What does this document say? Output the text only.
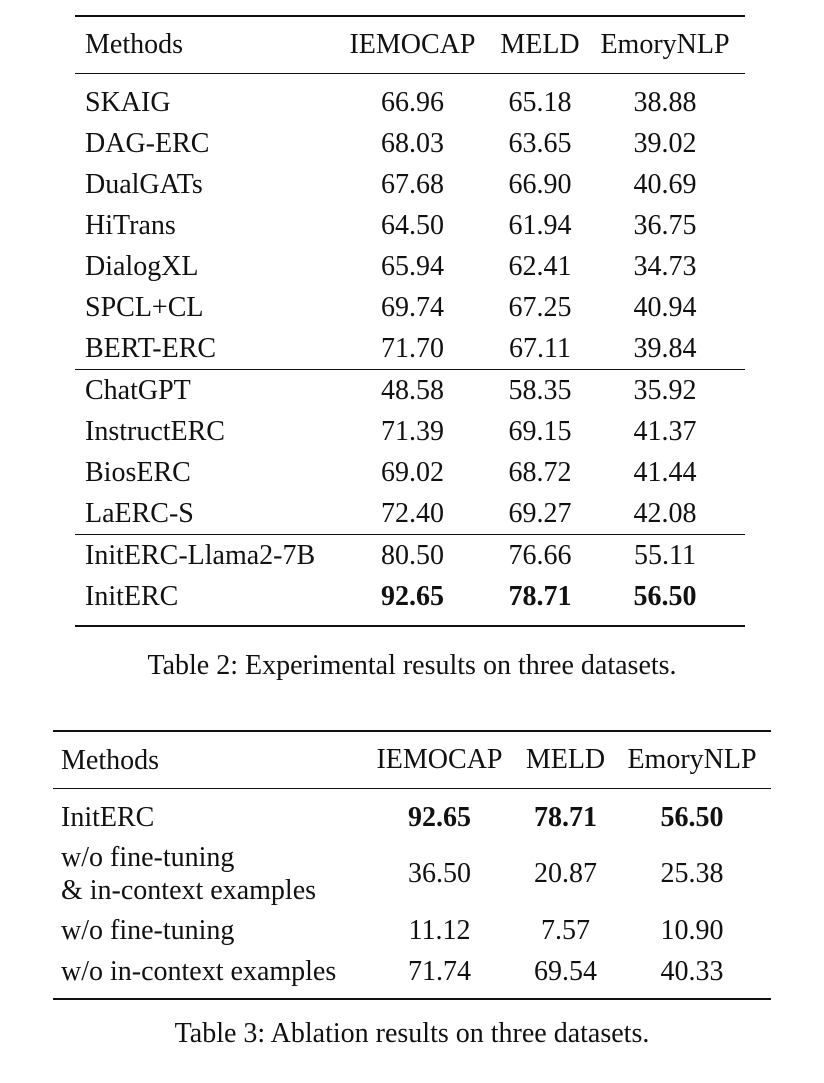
Methods	IEMOCAP	MELD	EmoryNLP
SKAIG	66.96	65.18	38.88
DAG-ERC	68.03	63.65	39.02
DualGATs	67.68	66.90	40.69
HiTrans	64.50	61.94	36.75
DialogXL	65.94	62.41	34.73
SPCL+CL	69.74	67.25	40.94
BERT-ERC	71.70	67.11	39.84
ChatGPT	48.58	58.35	35.92
InstructERC	71.39	69.15	41.37
BiosERC	69.02	68.72	41.44
LaERC-S	72.40	69.27	42.08
InitERC-Llama2-7B	80.50	76.66	55.11
InitERC	92.65	78.71	56.50
Table 2: Experimental results on three datasets.
Methods	IEMOCAP	MELD	EmoryNLP
InitERC	92.65	78.71	56.50

w/o fine-tuning
& in-context examples	36.50	20.87	25.38
w/o fine-tuning	11.12	7.57	10.90
w/o in-context examples	71.74	69.54	40.33
Table 3: Ablation results on three datasets.
